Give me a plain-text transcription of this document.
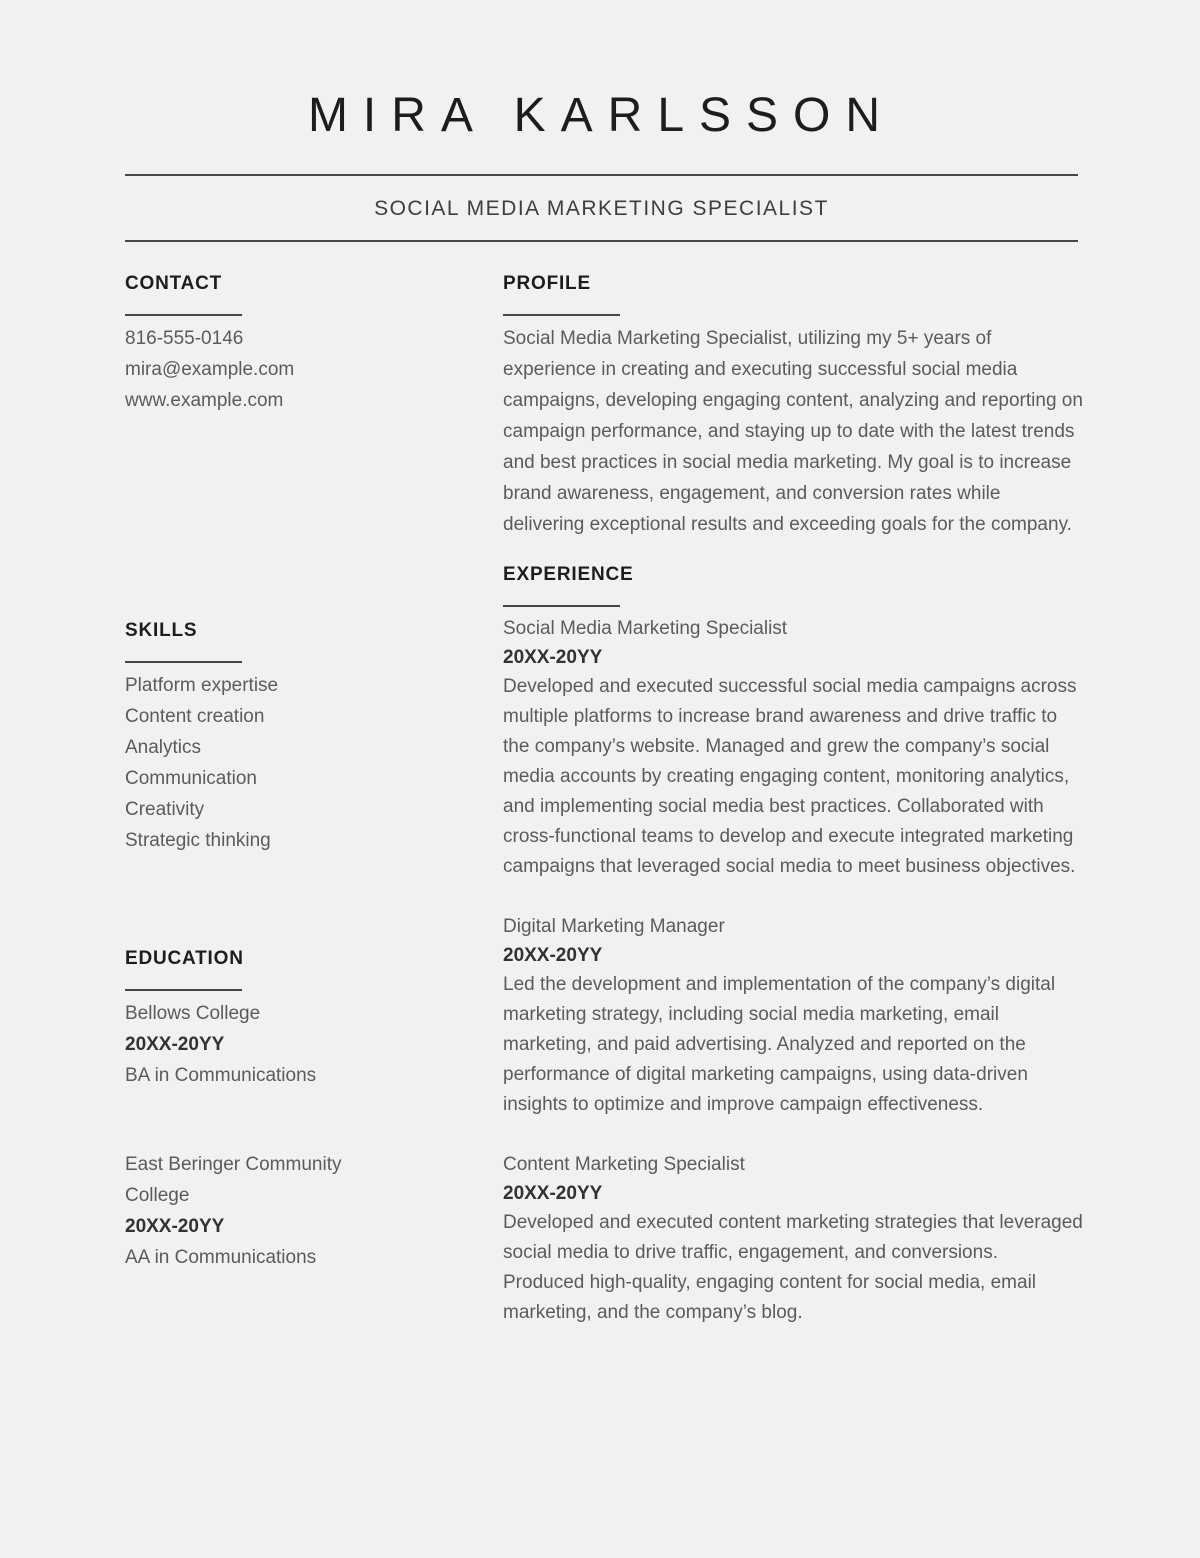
MIRA KARLSSON
SOCIAL MEDIA MARKETING SPECIALIST
CONTACT
816-555-0146
mira@example.com
www.example.com
SKILLS
Platform expertise
Content creation
Analytics
Communication
Creativity
Strategic thinking
EDUCATION
Bellows College
20XX-20YY
BA in Communications
East Beringer Community College
20XX-20YY
AA in Communications
PROFILE
Social Media Marketing Specialist, utilizing my 5+ years of experience in creating and executing successful social media campaigns, developing engaging content, analyzing and reporting on campaign performance, and staying up to date with the latest trends and best practices in social media marketing. My goal is to increase brand awareness, engagement, and conversion rates while delivering exceptional results and exceeding goals for the company.
EXPERIENCE
Social Media Marketing Specialist
20XX-20YY
Developed and executed successful social media campaigns across multiple platforms to increase brand awareness and drive traffic to the company’s website. Managed and grew the company’s social media accounts by creating engaging content, monitoring analytics, and implementing social media best practices. Collaborated with cross-functional teams to develop and execute integrated marketing campaigns that leveraged social media to meet business objectives.
Digital Marketing Manager
20XX-20YY
Led the development and implementation of the company’s digital marketing strategy, including social media marketing, email marketing, and paid advertising. Analyzed and reported on the performance of digital marketing campaigns, using data-driven insights to optimize and improve campaign effectiveness.
Content Marketing Specialist
20XX-20YY
Developed and executed content marketing strategies that leveraged social media to drive traffic, engagement, and conversions. Produced high-quality, engaging content for social media, email marketing, and the company’s blog.
